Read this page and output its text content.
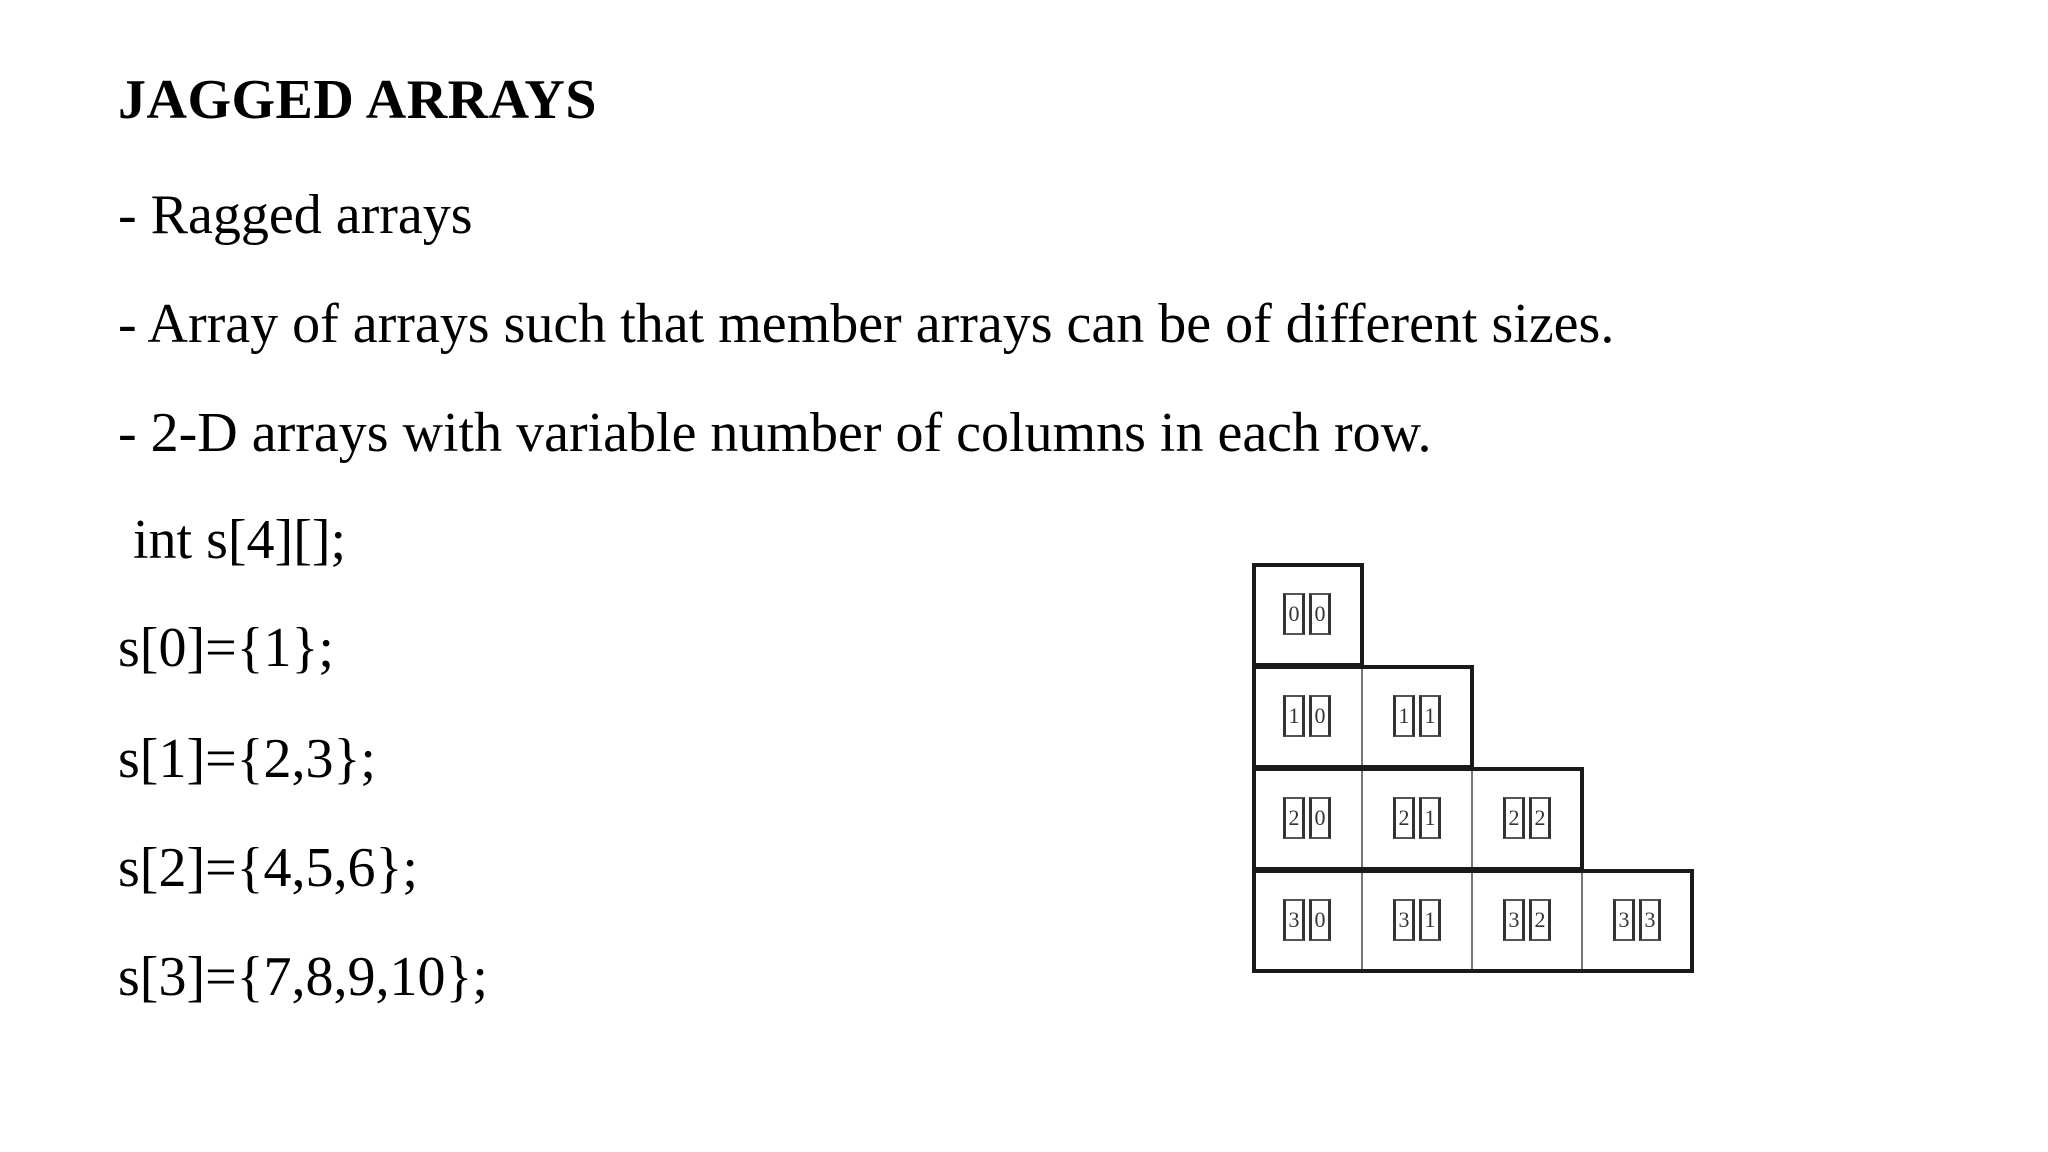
JAGGED ARRAYS
- Ragged arrays
- Array of arrays such that member arrays can be of different sizes.
- 2-D arrays with variable number of columns in each row.
int s[4][];
s[0]={1};
s[1]={2,3};
s[2]={4,5,6};
s[3]={7,8,9,10};
0 0
1 0	1 1
2 0	2 1	2 2
3 0	3 1	3 2	3 3
